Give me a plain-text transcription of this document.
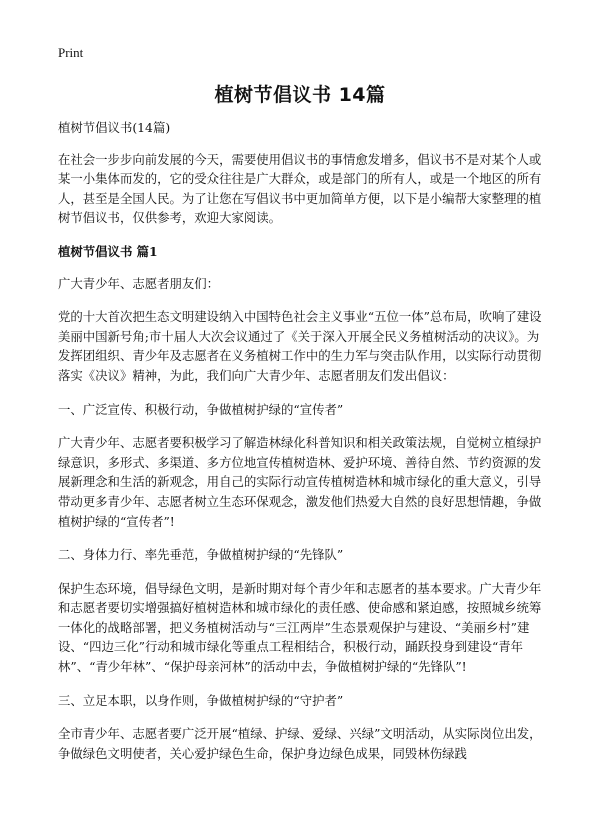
Print
植树节倡议书 14篇

植树节倡议书(14篇)

在社会一步步向前发展的今天，需要使用倡议书的事情愈发增多，倡议书不是对某个人或某一小集体而发的，它的受众往往是广大群众，或是部门的所有人，或是一个地区的所有人，甚至是全国人民。为了让您在写倡议书中更加简单方便，以下是小编帮大家整理的植树节倡议书，仅供参考，欢迎大家阅读。

植树节倡议书 篇1

广大青少年、志愿者朋友们：

党的十大首次把生态文明建设纳入中国特色社会主义事业“五位一体”总布局，吹响了建设美丽中国新号角;市十届人大次会议通过了《关于深入开展全民义务植树活动的决议》。为发挥团组织、青少年及志愿者在义务植树工作中的生力军与突击队作用，以实际行动贯彻落实《决议》精神，为此，我们向广大青少年、志愿者朋友们发出倡议：

一、广泛宣传、积极行动，争做植树护绿的“宣传者”

广大青少年、志愿者要积极学习了解造林绿化科普知识和相关政策法规，自觉树立植绿护绿意识，多形式、多渠道、多方位地宣传植树造林、爱护环境、善待自然、节约资源的发展新理念和生活的新观念，用自己的实际行动宣传植树造林和城市绿化的重大意义，引导带动更多青少年、志愿者树立生态环保观念，激发他们热爱大自然的良好思想情趣，争做植树护绿的“宣传者”!

二、身体力行、率先垂范，争做植树护绿的“先锋队”

保护生态环境，倡导绿色文明，是新时期对每个青少年和志愿者的基本要求。广大青少年和志愿者要切实增强搞好植树造林和城市绿化的责任感、使命感和紧迫感，按照城乡统筹一体化的战略部署，把义务植树活动与“三江两岸”生态景观保护与建设、“美丽乡村”建设、“四边三化”行动和城市绿化等重点工程相结合，积极行动，踊跃投身到建设“青年林”、“青少年林”、“保护母亲河林”的活动中去，争做植树护绿的“先锋队”!

三、立足本职，以身作则，争做植树护绿的“守护者”

全市青少年、志愿者要广泛开展“植绿、护绿、爱绿、兴绿”文明活动，从实际岗位出发，争做绿色文明使者，关心爱护绿色生命，保护身边绿色成果，同毁林伤绿践
